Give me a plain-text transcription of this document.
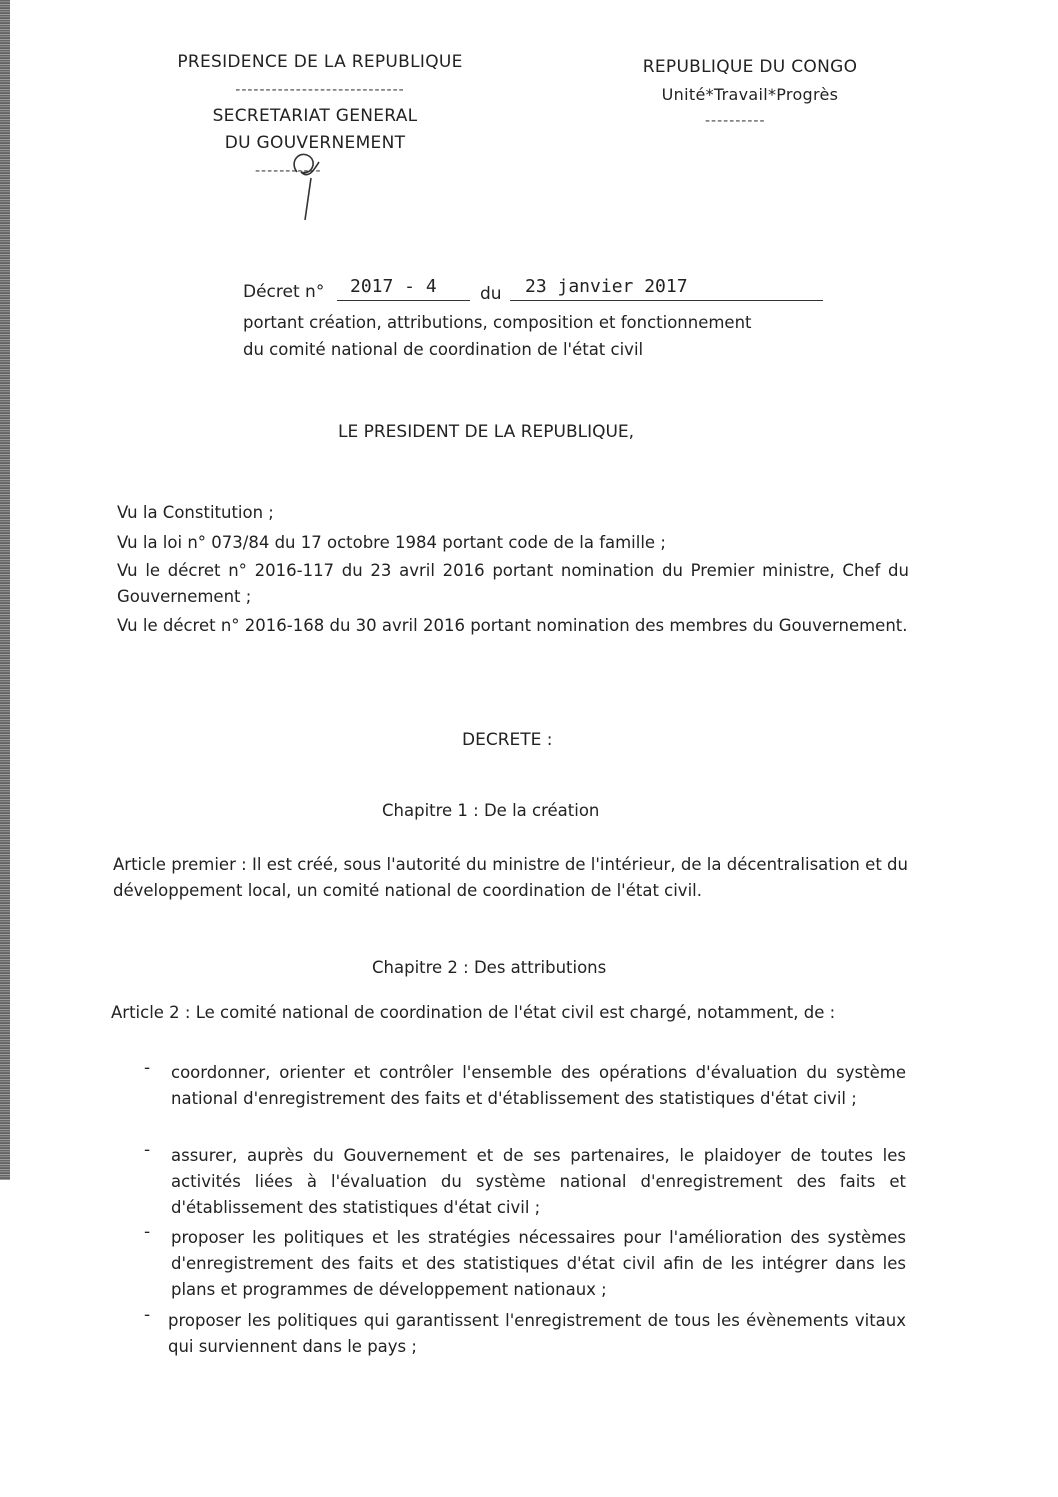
PRESIDENCE DE LA REPUBLIQUE
----------------------------
SECRETARIAT GENERAL
DU GOUVERNEMENT
-----------
REPUBLIQUE DU CONGO
Unité*Travail*Progrès
----------
Décret n° 2017 - 4	du 23 janvier 2017
portant création, attributions, composition et fonctionnement
du comité national de coordination de l'état civil
LE PRESIDENT DE LA REPUBLIQUE,
Vu la Constitution ;
Vu la loi n° 073/84 du 17 octobre 1984 portant code de la famille ;
Vu le décret n° 2016-117 du 23 avril 2016 portant nomination du Premier ministre, Chef du Gouvernement ;
Vu le décret n° 2016-168 du 30 avril 2016 portant nomination des membres du Gouvernement.
DECRETE :
Chapitre 1 : De la création
Article premier : Il est créé, sous l'autorité du ministre de l'intérieur, de la décentralisation et du développement local, un comité national de coordination de l'état civil.
Chapitre 2 : Des attributions
Article 2 : Le comité national de coordination de l'état civil est chargé, notamment, de :
- coordonner, orienter et contrôler l'ensemble des opérations d'évaluation du système national d'enregistrement des faits et d'établissement des statistiques d'état civil ;
- assurer, auprès du Gouvernement et de ses partenaires, le plaidoyer de toutes les activités liées à l'évaluation du système national d'enregistrement des faits et d'établissement des statistiques d'état civil ;
- proposer les politiques et les stratégies nécessaires pour l'amélioration des systèmes d'enregistrement des faits et des statistiques d'état civil afin de les intégrer dans les plans et programmes de développement nationaux ;
- proposer les politiques qui garantissent l'enregistrement de tous les évènements vitaux qui surviennent dans le pays ;
